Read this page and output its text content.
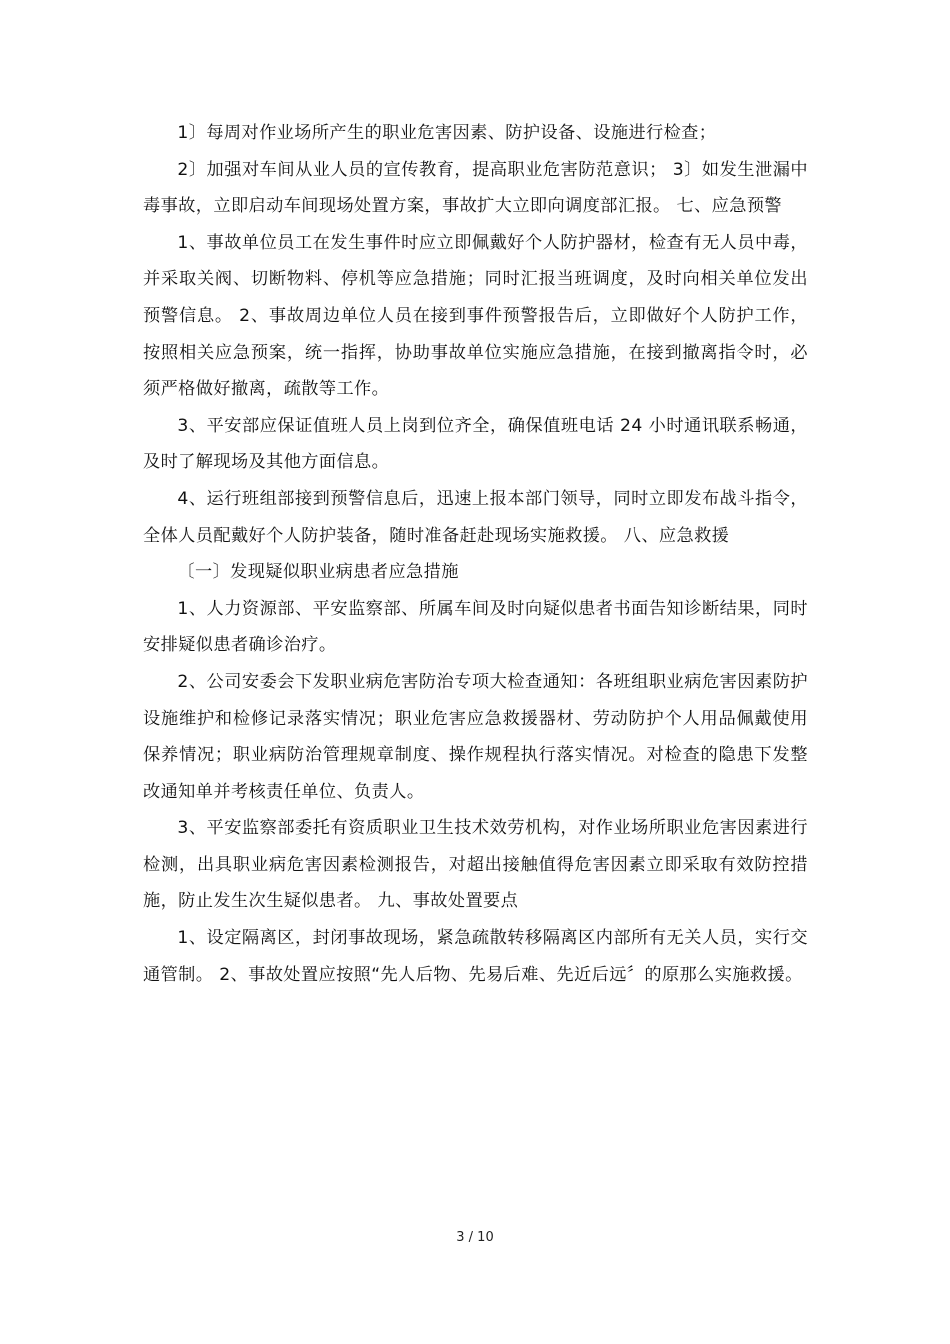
1〕每周对作业场所产生的职业危害因素、防护设备、设施进行检查；

2〕加强对车间从业人员的宣传教育，提高职业危害防范意识； 3〕如发生泄漏中毒事故，立即启动车间现场处置方案，事故扩大立即向调度部汇报。 七、应急预警

1、事故单位员工在发生事件时应立即佩戴好个人防护器材，检查有无人员中毒，并采取关阀、切断物料、停机等应急措施；同时汇报当班调度，及时向相关单位发出预警信息。 2、事故周边单位人员在接到事件预警报告后，立即做好个人防护工作，按照相关应急预案，统一指挥，协助事故单位实施应急措施，在接到撤离指令时，必须严格做好撤离，疏散等工作。

3、平安部应保证值班人员上岗到位齐全，确保值班电话 24 小时通讯联系畅通，及时了解现场及其他方面信息。

4、运行班组部接到预警信息后，迅速上报本部门领导，同时立即发布战斗指令，全体人员配戴好个人防护装备，随时准备赶赴现场实施救援。 八、应急救援

〔一〕发现疑似职业病患者应急措施

1、人力资源部、平安监察部、所属车间及时向疑似患者书面告知诊断结果，同时安排疑似患者确诊治疗。

2、公司安委会下发职业病危害防治专项大检查通知：各班组职业病危害因素防护设施维护和检修记录落实情况；职业危害应急救援器材、劳动防护个人用品佩戴使用保养情况；职业病防治管理规章制度、操作规程执行落实情况。对检查的隐患下发整改通知单并考核责任单位、负责人。

3、平安监察部委托有资质职业卫生技术效劳机构，对作业场所职业危害因素进行检测，出具职业病危害因素检测报告，对超出接触值得危害因素立即采取有效防控措施，防止发生次生疑似患者。 九、事故处置要点

1、设定隔离区，封闭事故现场，紧急疏散转移隔离区内部所有无关人员，实行交通管制。 2、事故处置应按照“先人后物、先易后难、先近后远〞的原那么实施救援。

3 / 10
